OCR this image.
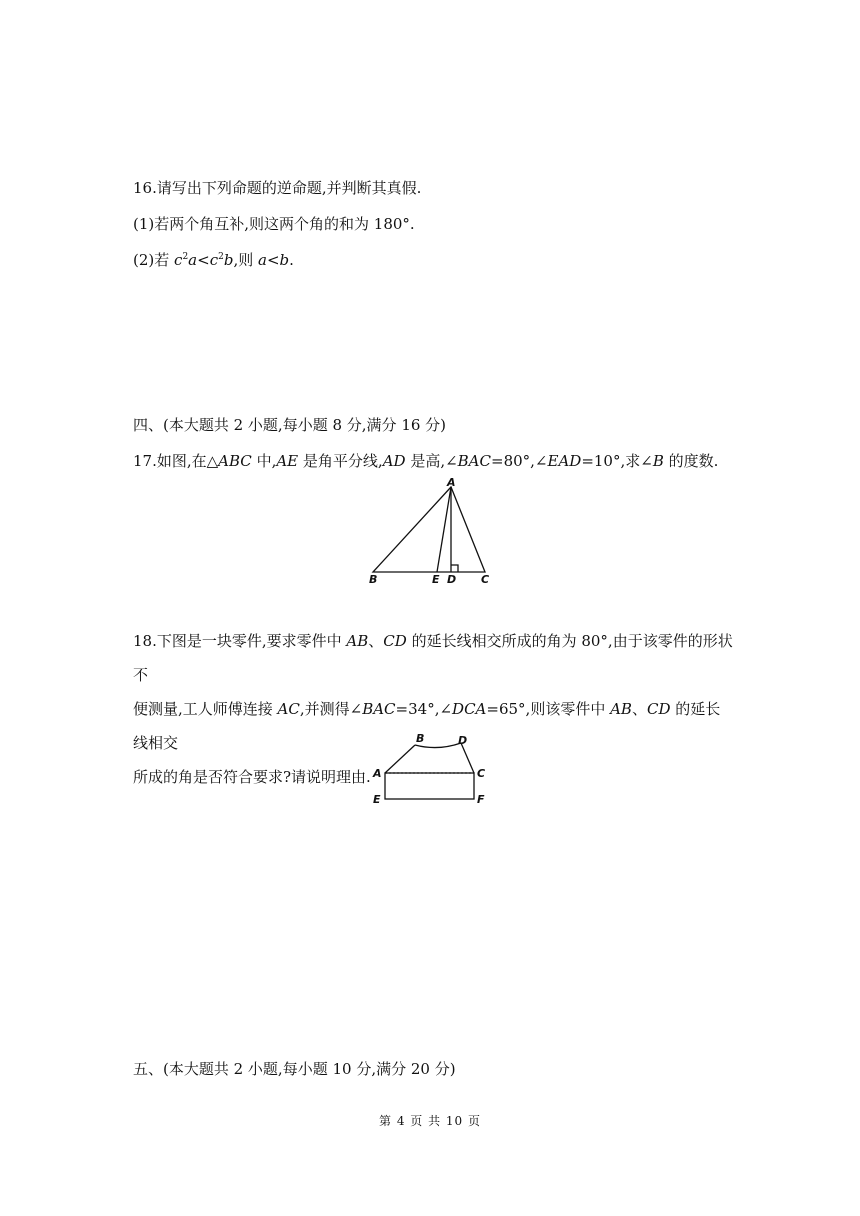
16.请写出下列命题的逆命题,并判断其真假.
(1)若两个角互补,则这两个角的和为 180°.
(2)若 $c^2a<c^2b$,则 a<b.
四、(本大题共 2 小题,每小题 8 分,满分 16 分)
17.如图,在△ABC 中,AE 是角平分线,AD 是高,∠BAC=80°,∠EAD=10°,求∠B 的度数.
A
B	E D C
18.下图是一块零件,要求零件中 AB、CD 的延长线相交所成的角为 80°,由于该零件的形状不
便测量,工人师傅连接 AC,并测得∠BAC=34°,∠DCA=65°,则该零件中 AB、CD 的延长线相交
所成的角是否符合要求?请说明理由.
B	D
A	C
E	F
五、(本大题共 2 小题,每小题 10 分,满分 20 分)
第 4 页 共 10 页
